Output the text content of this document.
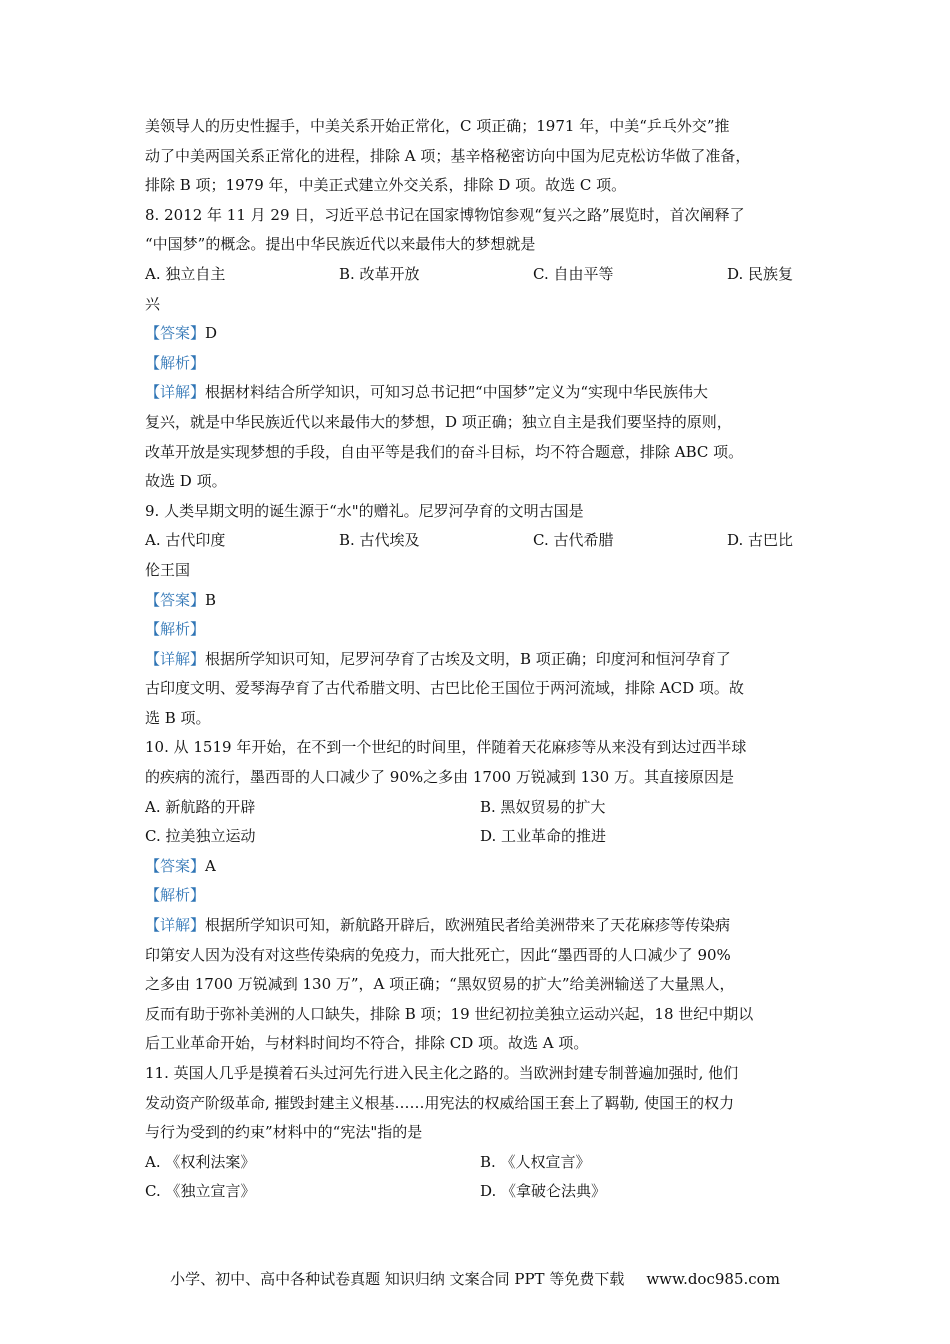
美领导人的历史性握手，中美关系开始正常化，C 项正确；1971 年，中美“乒乓外交”推

动了中美两国关系正常化的进程，排除 A 项；基辛格秘密访向中国为尼克松访华做了准备，

排除 B 项；1979 年，中美正式建立外交关系，排除 D 项。故选 C 项。

8. 2012 年 11 月 29 日，习近平总书记在国家博物馆参观“复兴之路”展览时，首次阐释了

“中国梦”的概念。提出中华民族近代以来最伟大的梦想就是

A. 独立自主	B. 改革开放	C. 自由平等	D. 民族复

兴

【答案】D

【解析】

【详解】根据材料结合所学知识，可知习总书记把“中国梦”定义为“实现中华民族伟大

复兴，就是中华民族近代以来最伟大的梦想，D 项正确；独立自主是我们要坚持的原则，

改革开放是实现梦想的手段，自由平等是我们的奋斗目标，均不符合题意，排除 ABC 项。

故选 D 项。

9. 人类早期文明的诞生源于“水"的赠礼。尼罗河孕育的文明古国是

A. 古代印度	B. 古代埃及	C. 古代希腊	D. 古巴比

伦王国

【答案】B

【解析】

【详解】根据所学知识可知，尼罗河孕育了古埃及文明，B 项正确；印度河和恒河孕育了

古印度文明、爱琴海孕育了古代希腊文明、古巴比伦王国位于两河流域，排除 ACD 项。故

选 B 项。

10. 从 1519 年开始，在不到一个世纪的时间里，伴随着天花麻疹等从来没有到达过西半球

的疾病的流行，墨西哥的人口减少了 90%之多由 1700 万锐减到 130 万。其直接原因是

A. 新航路的开辟	B. 黑奴贸易的扩大
C. 拉美独立运动	D. 工业革命的推进

【答案】A

【解析】

【详解】根据所学知识可知，新航路开辟后，欧洲殖民者给美洲带来了天花麻疹等传染病

印第安人因为没有对这些传染病的免疫力，而大批死亡，因此“墨西哥的人口减少了 90%

之多由 1700 万锐减到 130 万”，A 项正确；“黑奴贸易的扩大”给美洲输送了大量黑人，

反而有助于弥补美洲的人口缺失，排除 B 项；19 世纪初拉美独立运动兴起，18 世纪中期以

后工业革命开始，与材料时间均不符合，排除 CD 项。故选 A 项。

11. 英国人几乎是摸着石头过河先行进入民主化之路的。当欧洲封建专制普遍加强时, 他们

发动资产阶级革命, 摧毁封建主义根基……用宪法的权威给国王套上了羁勒, 使国王的权力

与行为受到的约束”材料中的“宪法"指的是

A. 《权利法案》	B. 《人权宣言》
C. 《独立宣言》	D. 《拿破仑法典》
小学、初中、高中各种试卷真题 知识归纳 文案合同 PPT 等免费下载 www.doc985.com
